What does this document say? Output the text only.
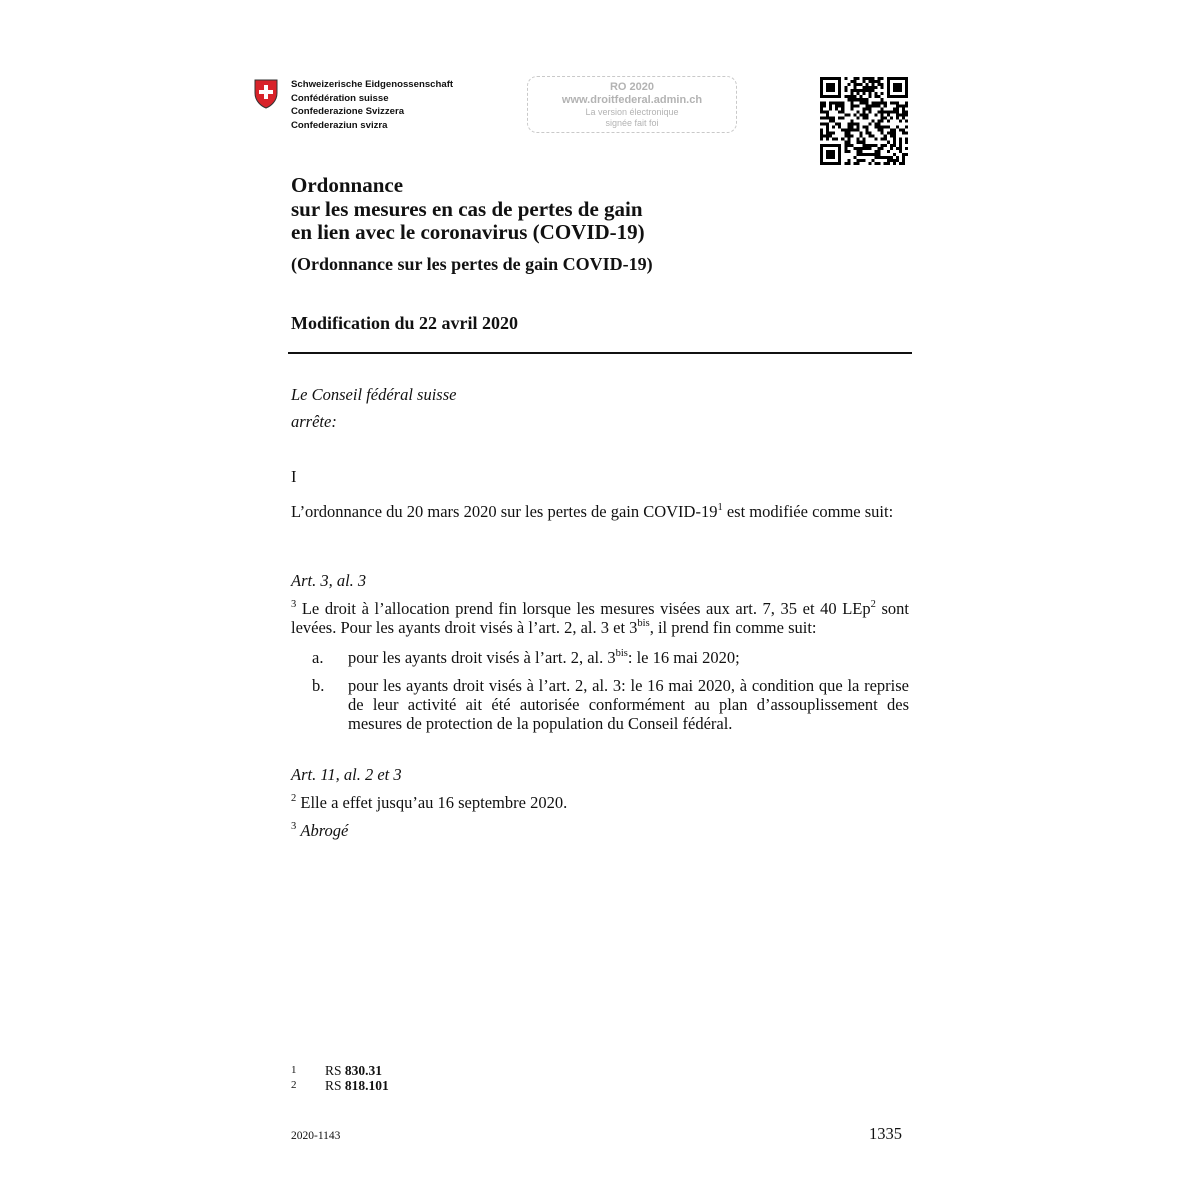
Schweizerische Eidgenossenschaft
Confédération suisse
Confederazione Svizzera
Confederaziun svizra
RO 2020
www.droitfederal.admin.ch
La version électronique
signée fait foi
Ordonnance
sur les mesures en cas de pertes de gain
en lien avec le coronavirus (COVID-19)
(Ordonnance sur les pertes de gain COVID-19)
Modification du 22 avril 2020
Le Conseil fédéral suisse
arrête:
I
L’ordonnance du 20 mars 2020 sur les pertes de gain COVID-$19^1$ est modifiée comme suit:
Art. 3, al. 3
$^3$ Le droit à l’allocation prend fin lorsque les mesures visées aux art. 7, 35 et 40 LEp$^2$ sont levées. Pour les ayants droit visés à l’art. 2, al. 3 et $3^{bis}$, il prend fin comme suit:
a.	pour les ayants droit visés à l’art. 2, al. $3^{bis}$: le 16 mai 2020;
b.	pour les ayants droit visés à l’art. 2, al. 3: le 16 mai 2020, à condition que la reprise de leur activité ait été autorisée conformément au plan d’assouplissement des mesures de protection de la population du Conseil fédéral.
Art. 11, al. 2 et 3
$^2$ Elle a effet jusqu’au 16 septembre 2020.
$^3$ Abrogé
1	RS 830.31
2	RS 818.101
2020-1143	1335
